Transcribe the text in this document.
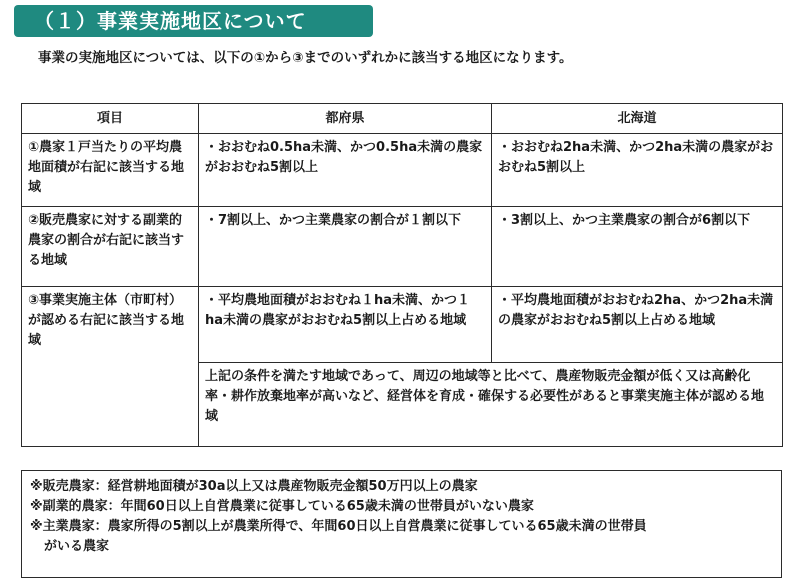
（１）事業実施地区について
事業の実施地区については、以下の①から③までのいずれかに該当する地区になります。
項目	都府県	北海道
①農家１戸当たりの平均農地面積が右記に該当する地域	・おおむね0.5ha未満、かつ0.5ha未満の農家がおおむね5割以上	・おおむね2ha未満、かつ2ha未満の農家がおおむね5割以上
②販売農家に対する副業的農家の割合が右記に該当する地域	・7割以上、かつ主業農家の割合が１割以下	・3割以上、かつ主業農家の割合が6割以下
③事業実施主体（市町村）が認める右記に該当する地域	・平均農地面積がおおむね１ha未満、かつ１ha未満の農家がおおむね5割以上占める地域	・平均農地面積がおおむね2ha、かつ2ha未満の農家がおおむね5割以上占める地域
	上記の条件を満たす地域であって、周辺の地域等と比べて、農産物販売金額が低く又は高齢化率・耕作放棄地率が高いなど、経営体を育成・確保する必要性があると事業実施主体が認める地域	
※販売農家：経営耕地面積が30a以上又は農産物販売金額50万円以上の農家
※副業的農家：年間60日以上自営農業に従事している65歳未満の世帯員がいない農家
※主業農家：農家所得の5割以上が農業所得で、年間60日以上自営農業に従事している65歳未満の世帯員
がいる農家
